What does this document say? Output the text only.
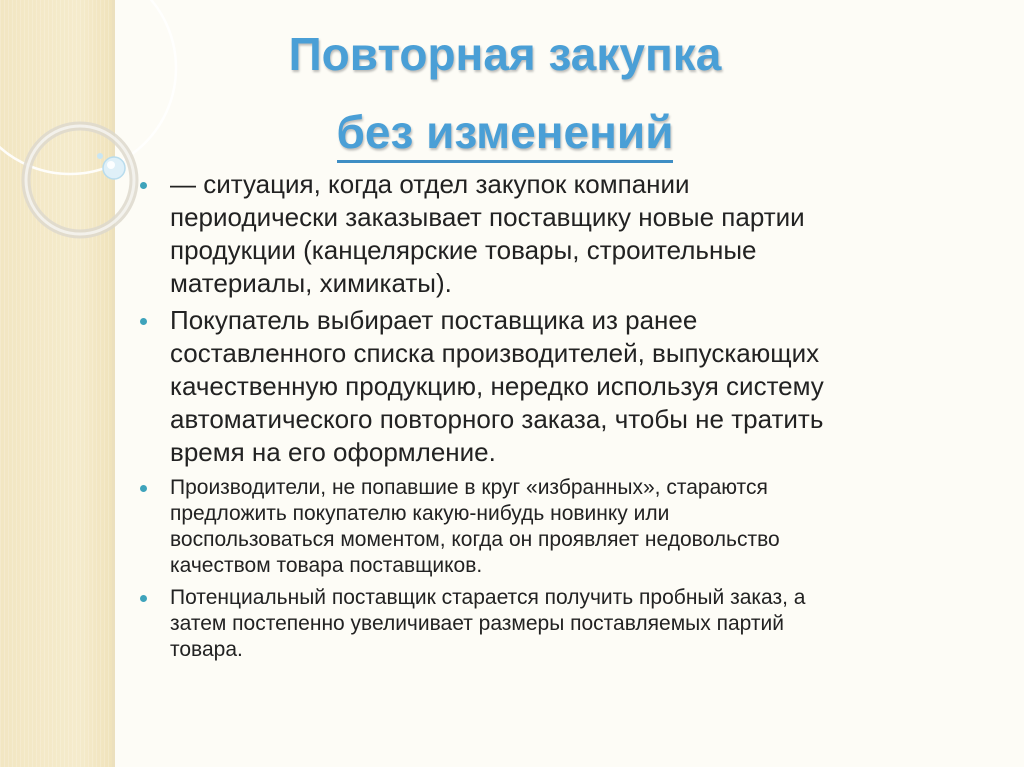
Повторная закупка
без изменений
— ситуация, когда отдел закупок компании
периодически заказывает поставщику новые партии
продукции (канцелярские товары, строительные
материалы, химикаты).
Покупатель выбирает поставщика из ранее
составленного списка производителей, выпускающих
качественную продукцию, нередко используя систему
автоматического повторного заказа, чтобы не тратить
время на его оформление.
Производители, не попавшие в круг «избранных», стараются
предложить покупателю какую-нибудь новинку или
воспользоваться моментом, когда он проявляет недовольство
качеством товара поставщиков.
Потенциальный поставщик старается получить пробный заказ, а
затем постепенно увеличивает размеры поставляемых партий
товара.
